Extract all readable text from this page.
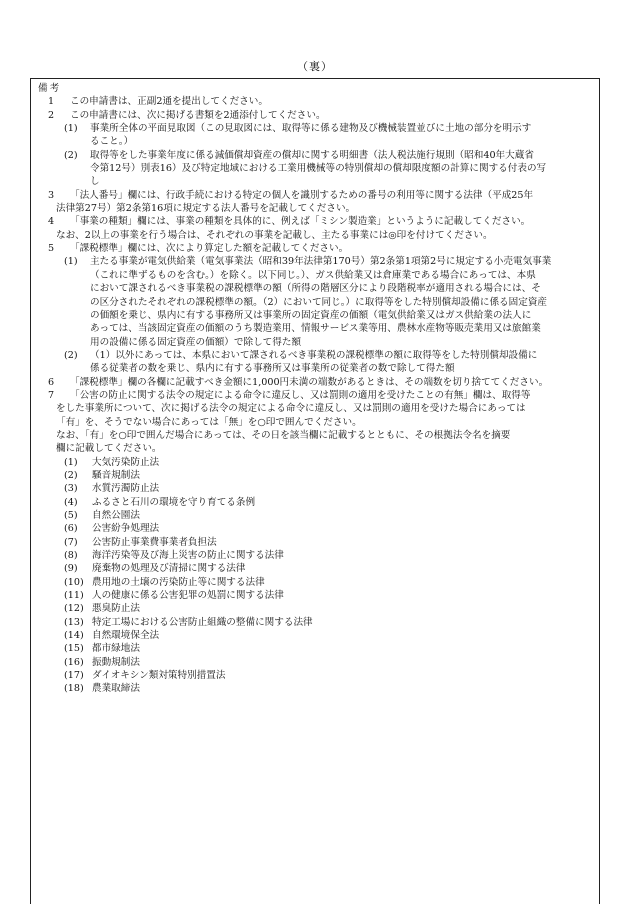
（裏）
備考
1 この申請書は、正副2通を提出してください。
2 この申請書には、次に掲げる書類を2通添付してください。
(1) 事業所全体の平面見取図（この見取図には、取得等に係る建物及び機械装置並びに土地の部分を明示す
ること。）
(2) 取得等をした事業年度に係る減価償却資産の償却に関する明細書（法人税法施行規則（昭和40年大蔵省
令第12号）別表16）及び特定地域における工業用機械等の特別償却の償却限度額の計算に関する付表の写
し
3 「法人番号」欄には、行政手続における特定の個人を識別するための番号の利用等に関する法律（平成25年
法律第27号）第2条第16項に規定する法人番号を記載してください。
4 「事業の種類」欄には、事業の種類を具体的に、例えば「ミシン製造業」というように記載してください。
なお、2以上の事業を行う場合は、それぞれの事業を記載し、主たる事業には◎印を付けてください。
5 「課税標準」欄には、次により算定した額を記載してください。
(1) 主たる事業が電気供給業（電気事業法（昭和39年法律第170号）第2条第1項第2号に規定する小売電気事業
（これに準ずるものを含む。）を除く。以下同じ。）、ガス供給業又は倉庫業である場合にあっては、本県
において課されるべき事業税の課税標準の額（所得の階層区分により段階税率が適用される場合には、そ
の区分されたそれぞれの課税標準の額。（2）において同じ。）に取得等をした特別償却設備に係る固定資産
の価額を乗じ、県内に有する事務所又は事業所の固定資産の価額（電気供給業又はガス供給業の法人に
あっては、当該固定資産の価額のうち製造業用、情報サービス業等用、農林水産物等販売業用又は旅館業
用の設備に係る固定資産の価額）で除して得た額
(2) （1）以外にあっては、本県において課されるべき事業税の課税標準の額に取得等をした特別償却設備に
係る従業者の数を乗じ、県内に有する事務所又は事業所の従業者の数で除して得た額
6 「課税標準」欄の各欄に記載すべき金額に1,000円未満の端数があるときは、その端数を切り捨ててください。
7 「公害の防止に関する法令の規定による命令に違反し、又は罰則の適用を受けたことの有無」欄は、取得等
をした事業所について、次に掲げる法令の規定による命令に違反し、又は罰則の適用を受けた場合にあっては
「有」を、そうでない場合にあっては「無」を○印で囲んでください。
なお、「有」を○印で囲んだ場合にあっては、その日を該当欄に記載するとともに、その根拠法令名を摘要
欄に記載してください。
(1) 大気汚染防止法
(2) 騒音規制法
(3) 水質汚濁防止法
(4) ふるさと石川の環境を守り育てる条例
(5) 自然公園法
(6) 公害紛争処理法
(7) 公害防止事業費事業者負担法
(8) 海洋汚染等及び海上災害の防止に関する法律
(9) 廃棄物の処理及び清掃に関する法律
(10) 農用地の土壌の汚染防止等に関する法律
(11) 人の健康に係る公害犯罪の処罰に関する法律
(12) 悪臭防止法
(13) 特定工場における公害防止組織の整備に関する法律
(14) 自然環境保全法
(15) 都市緑地法
(16) 振動規制法
(17) ダイオキシン類対策特別措置法
(18) 農業取締法
